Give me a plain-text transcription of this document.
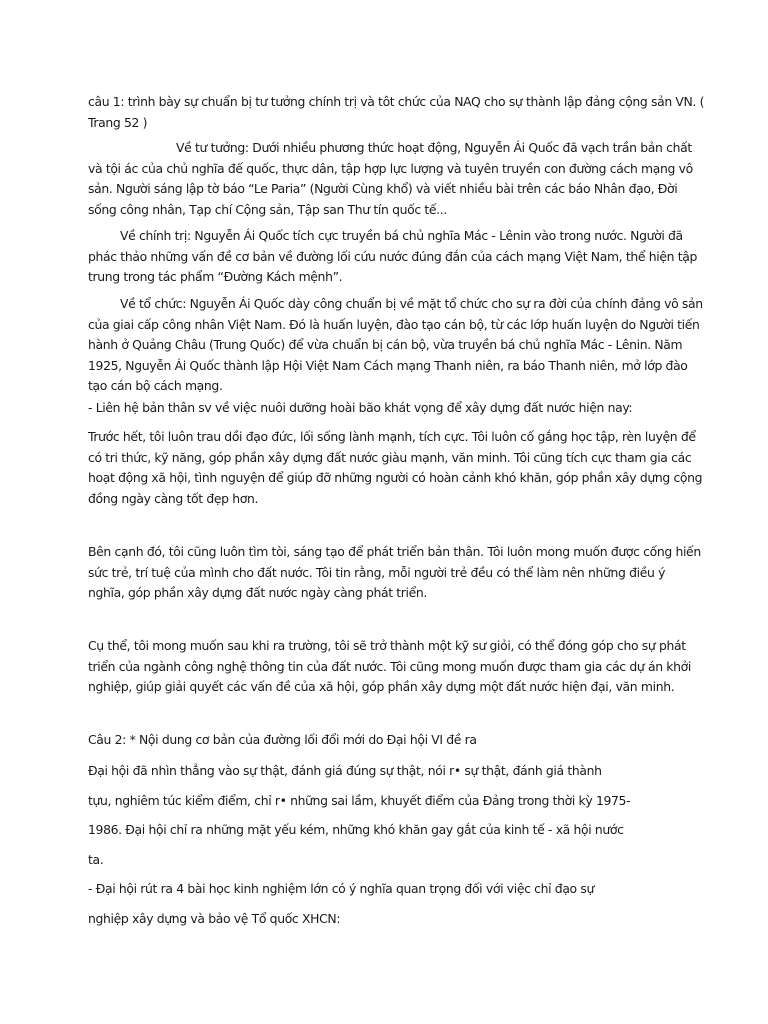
câu 1: trình bày sự chuẩn bị tư tưởng chính trị và tôt chức của NAQ cho sự thành lập đảng cộng sản VN. (
Trang 52 )
Về tư tưởng: Dưới nhiều phương thức hoạt động, Nguyễn Ái Quốc đã vạch trần bản chất
và tội ác của chủ nghĩa đế quốc, thực dân, tập hợp lực lượng và tuyên truyền con đường cách mạng vô
sản. Người sáng lập tờ báo “Le Paria” (Người Cùng khổ) và viết nhiều bài trên các báo Nhân đạo, Đời
sống công nhân, Tạp chí Cộng sản, Tập san Thư tín quốc tế...
Về chính trị: Nguyễn Ái Quốc tích cực truyền bá chủ nghĩa Mác - Lênin vào trong nước. Người đã
phác thảo những vấn đề cơ bản về đường lối cứu nước đúng đắn của cách mạng Việt Nam, thể hiện tập
trung trong tác phẩm “Đường Kách mệnh”.
Về tổ chức: Nguyễn Ái Quốc dày công chuẩn bị về mặt tổ chức cho sự ra đời của chính đảng vô sản
của giai cấp công nhân Việt Nam. Đó là huấn luyện, đào tạo cán bộ, từ các lớp huấn luyện do Người tiến
hành ở Quảng Châu (Trung Quốc) để vừa chuẩn bị cán bộ, vừa truyền bá chủ nghĩa Mác - Lênin. Năm
1925, Nguyễn Ái Quốc thành lập Hội Việt Nam Cách mạng Thanh niên, ra báo Thanh niên, mở lớp đào
tạo cán bộ cách mạng.
- Liên hệ bản thân sv về việc nuôi dưỡng hoài bão khát vọng để xây dựng đất nước hiện nay:
Trước hết, tôi luôn trau dồi đạo đức, lối sống lành mạnh, tích cực. Tôi luôn cố gắng học tập, rèn luyện để
có tri thức, kỹ năng, góp phần xây dựng đất nước giàu mạnh, văn minh. Tôi cũng tích cực tham gia các
hoạt động xã hội, tình nguyện để giúp đỡ những người có hoàn cảnh khó khăn, góp phần xây dựng cộng
đồng ngày càng tốt đẹp hơn.
Bên cạnh đó, tôi cũng luôn tìm tòi, sáng tạo để phát triển bản thân. Tôi luôn mong muốn được cống hiến
sức trẻ, trí tuệ của mình cho đất nước. Tôi tin rằng, mỗi người trẻ đều có thể làm nên những điều ý
nghĩa, góp phần xây dựng đất nước ngày càng phát triển.
Cụ thể, tôi mong muốn sau khi ra trường, tôi sẽ trở thành một kỹ sư giỏi, có thể đóng góp cho sự phát
triển của ngành công nghệ thông tin của đất nước. Tôi cũng mong muốn được tham gia các dự án khởi
nghiệp, giúp giải quyết các vấn đề của xã hội, góp phần xây dựng một đất nước hiện đại, văn minh.
Câu 2: * Nội dung cơ bản của đường lối đổi mới do Đại hội VI đề ra
Đại hội đã nhìn thẳng vào sự thật, đánh giá đúng sự thật, nói r• sự thật, đánh giá thành
tựu, nghiêm túc kiểm điểm, chỉ r• những sai lầm, khuyết điểm của Đảng trong thời kỳ 1975-
1986. Đại hội chỉ ra những mặt yếu kém, những khó khăn gay gắt của kinh tế - xã hội nước
ta.
- Đại hội rút ra 4 bài học kinh nghiệm lớn có ý nghĩa quan trọng đối với việc chỉ đạo sự
nghiệp xây dựng và bảo vệ Tổ quốc XHCN:
